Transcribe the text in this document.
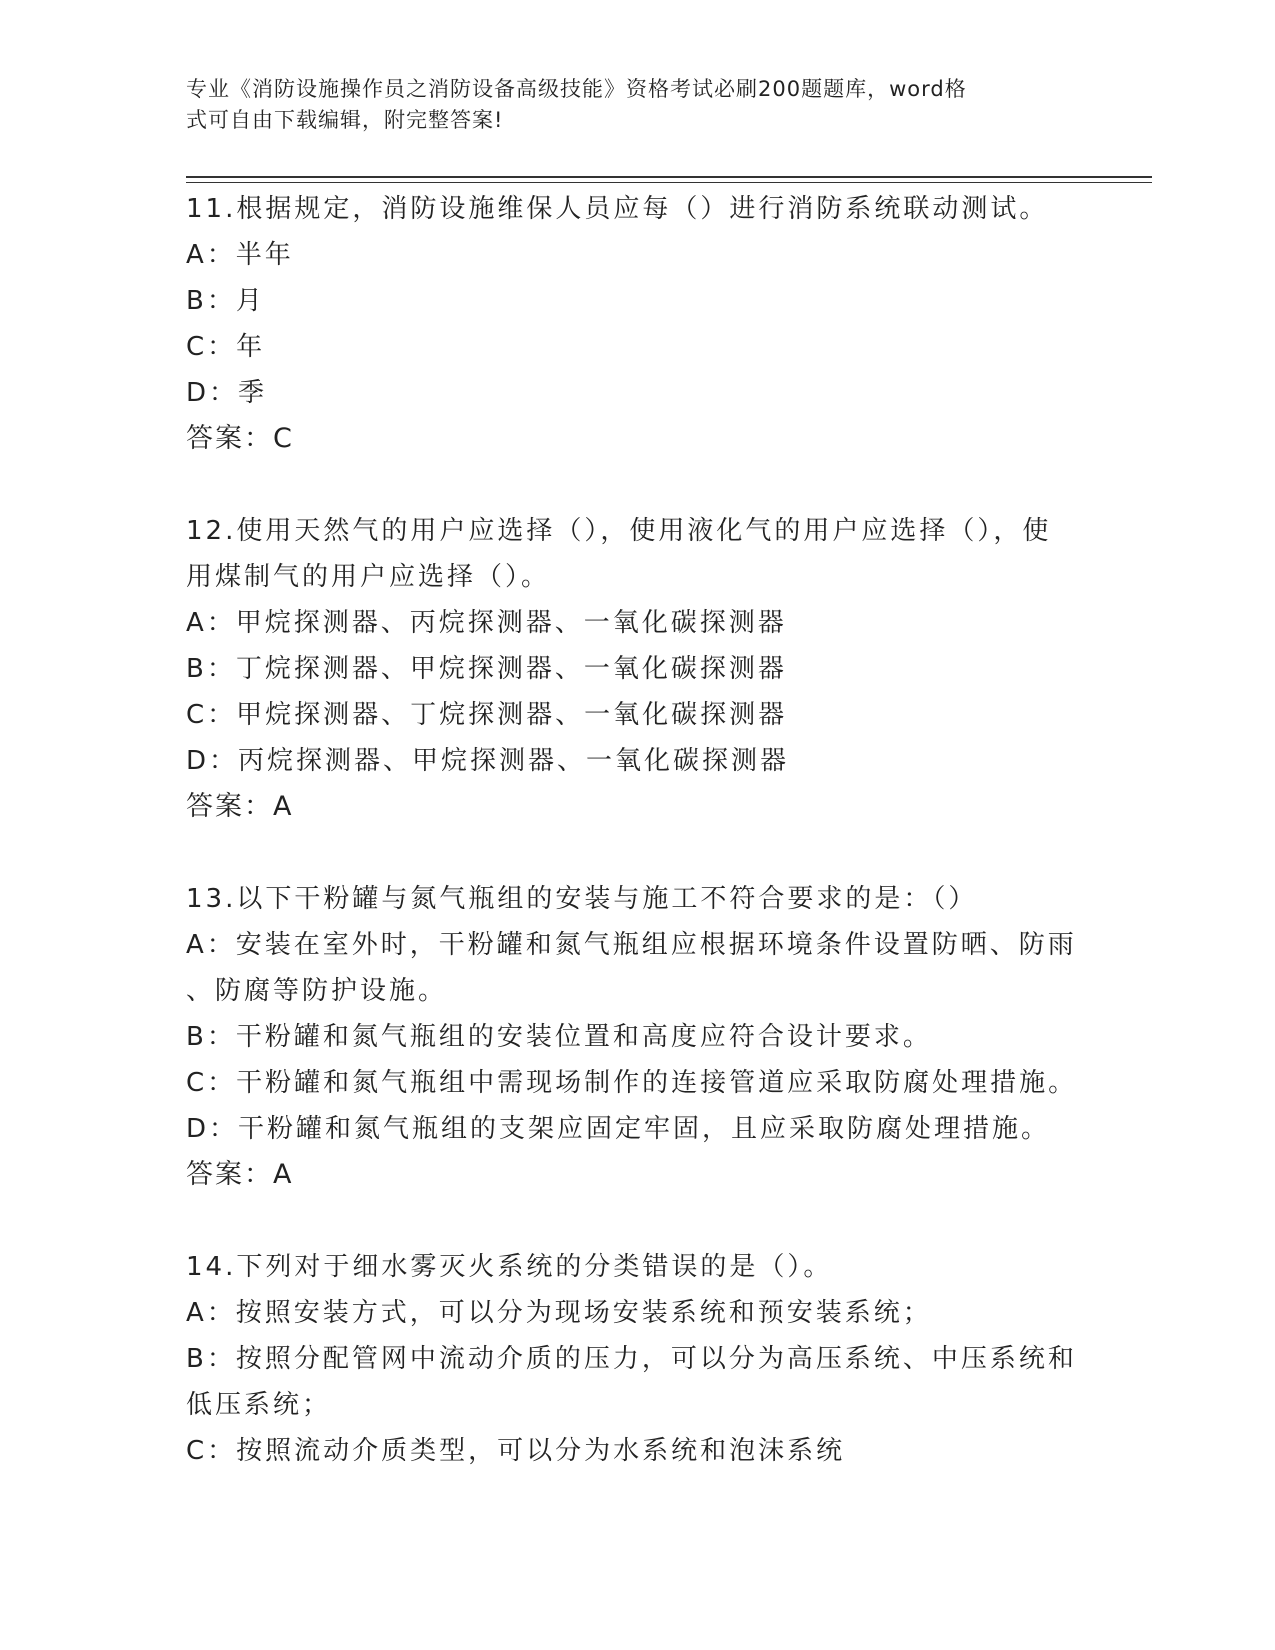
专业《消防设施操作员之消防设备高级技能》资格考试必刷200题题库，word格
式可自由下载编辑，附完整答案!
11.根据规定，消防设施维保人员应每（）进行消防系统联动测试。
A：半年
B：月
C：年
D：季
答案：C
12.使用天然气的用户应选择（），使用液化气的用户应选择（），使
用煤制气的用户应选择（）。
A：甲烷探测器、丙烷探测器、一氧化碳探测器
B：丁烷探测器、甲烷探测器、一氧化碳探测器
C：甲烷探测器、丁烷探测器、一氧化碳探测器
D：丙烷探测器、甲烷探测器、一氧化碳探测器
答案：A
13.以下干粉罐与氮气瓶组的安装与施工不符合要求的是：（）
A：安装在室外时，干粉罐和氮气瓶组应根据环境条件设置防晒、防雨
、防腐等防护设施。
B：干粉罐和氮气瓶组的安装位置和高度应符合设计要求。
C：干粉罐和氮气瓶组中需现场制作的连接管道应采取防腐处理措施。
D：干粉罐和氮气瓶组的支架应固定牢固，且应采取防腐处理措施。
答案：A
14.下列对于细水雾灭火系统的分类错误的是（）。
A：按照安装方式，可以分为现场安装系统和预安装系统；
B：按照分配管网中流动介质的压力，可以分为高压系统、中压系统和
低压系统；
C：按照流动介质类型，可以分为水系统和泡沫系统
